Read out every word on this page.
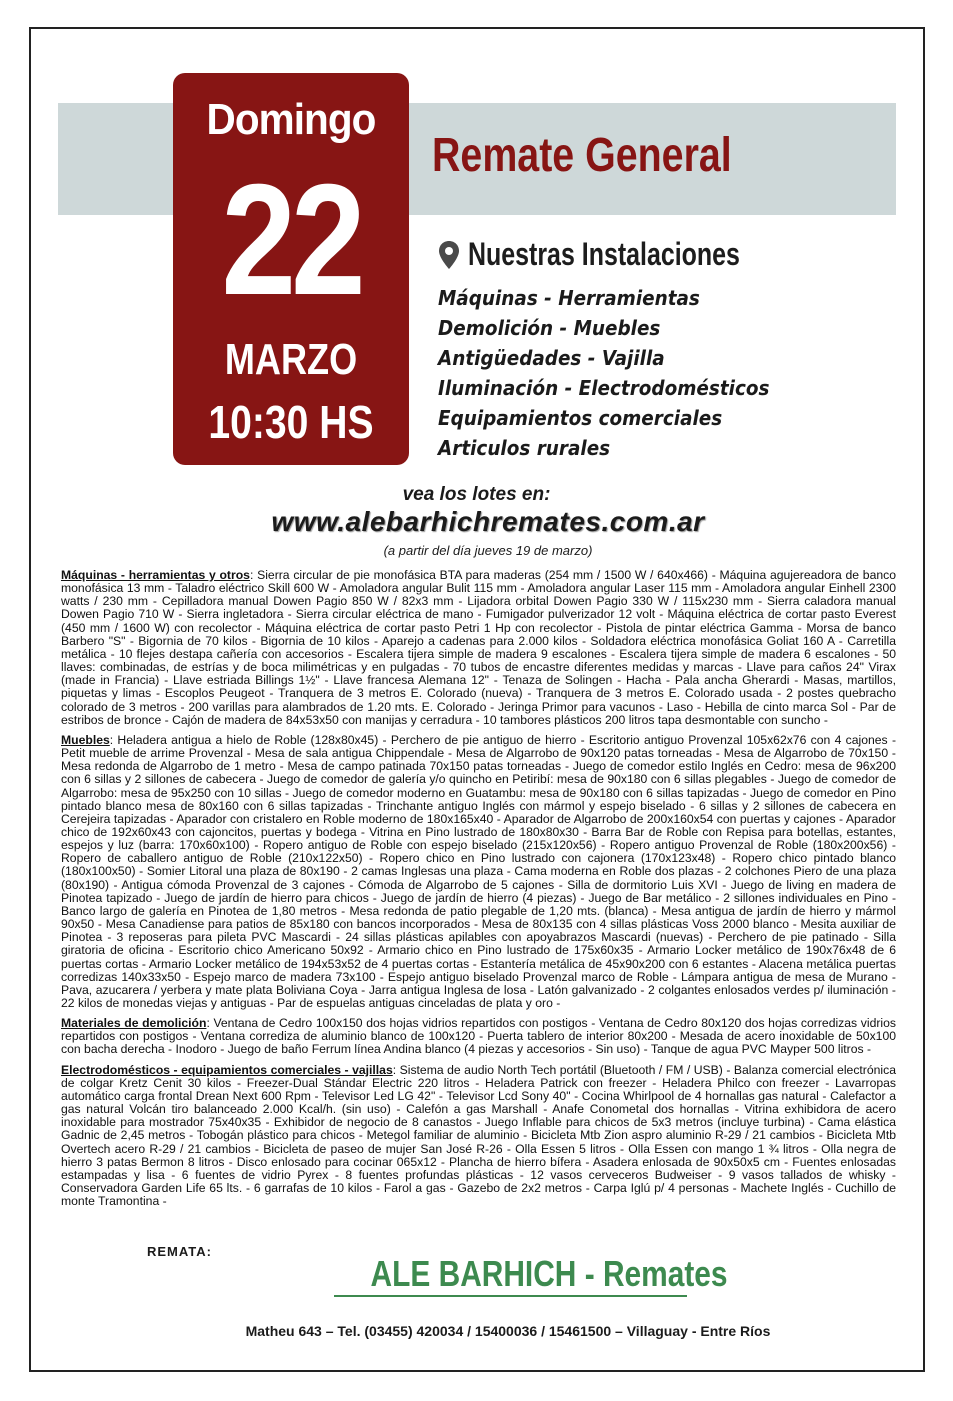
Domingo
22
MARZO
10:30 HS
Remate General
Nuestras Instalaciones
Máquinas - Herramientas
Demolición - Muebles
Antigüedades - Vajilla
Iluminación - Electrodomésticos
Equipamientos comerciales
Articulos rurales
vea los lotes en:
www.alebarhichremates.com.ar
(a partir del día jueves 19 de marzo)

Máquinas - herramientas y otros: Sierra circular de pie monofásica BTA para maderas (254 mm / 1500 W / 640x466) - Máquina agujereadora de banco monofásica 13 mm - Taladro eléctrico Skill 600 W - Amoladora angular Bulit 115 mm - Amoladora angular Laser 115 mm - Amoladora angular Einhell 2300 watts / 230 mm - Cepilladora manual Dowen Pagio 850 W / 82x3 mm - Lijadora orbital Dowen Pagio 330 W / 115x230 mm - Sierra caladora manual Dowen Pagio 710 W - Sierra ingletadora - Sierra circular eléctrica de mano - Fumigador pulverizador 12 volt - Máquina eléctrica de cortar pasto Everest (450 mm / 1600 W) con recolector - Máquina eléctrica de cortar pasto Petri 1 Hp con recolector - Pistola de pintar eléctrica Gamma - Morsa de banco Barbero "S" - Bigornia de 70 kilos - Bigornia de 10 kilos - Aparejo a cadenas para 2.000 kilos - Soldadora eléctrica monofásica Goliat 160 A - Carretilla metálica - 10 flejes destapa cañería con accesorios - Escalera tijera simple de madera 9 escalones - Escalera tijera simple de madera 6 escalones - 50 llaves: combinadas, de estrías y de boca milimétricas y en pulgadas - 70 tubos de encastre diferentes medidas y marcas - Llave para caños 24" Virax (made in Francia) - Llave estriada Billings 1½" - Llave francesa Alemana 12" - Tenaza de Solingen - Hacha - Pala ancha Gherardi - Masas, martillos, piquetas y limas - Escoplos Peugeot - Tranquera de 3 metros E. Colorado (nueva) - Tranquera de 3 metros E. Colorado usada - 2 postes quebracho colorado de 3 metros - 200 varillas para alambrados de 1.20 mts. E. Colorado - Jeringa Primor para vacunos - Laso - Hebilla de cinto marca Sol - Par de estribos de bronce - Cajón de madera de 84x53x50 con manijas y cerradura - 10 tambores plásticos 200 litros tapa desmontable con suncho -

Muebles: Heladera antigua a hielo de Roble (128x80x45) - Perchero de pie antiguo de hierro - Escritorio antiguo Provenzal 105x62x76 con 4 cajones - Petit mueble de arrime Provenzal - Mesa de sala antigua Chippendale - Mesa de Algarrobo de 90x120 patas torneadas - Mesa de Algarrobo de 70x150 - Mesa redonda de Algarrobo de 1 metro - Mesa de campo patinada 70x150 patas torneadas - Juego de comedor estilo Inglés en Cedro: mesa de 96x200 con 6 sillas y 2 sillones de cabecera - Juego de comedor de galería y/o quincho en Petiribí: mesa de 90x180 con 6 sillas plegables - Juego de comedor de Algarrobo: mesa de 95x250 con 10 sillas - Juego de comedor moderno en Guatambu: mesa de 90x180 con 6 sillas tapizadas - Juego de comedor en Pino pintado blanco mesa de 80x160 con 6 sillas tapizadas - Trinchante antiguo Inglés con mármol y espejo biselado - 6 sillas y 2 sillones de cabecera en Cerejeira tapizadas - Aparador con cristalero en Roble moderno de 180x165x40 - Aparador de Algarrobo de 200x160x54 con puertas y cajones - Aparador chico de 192x60x43 con cajoncitos, puertas y bodega - Vitrina en Pino lustrado de 180x80x30 - Barra Bar de Roble con Repisa para botellas, estantes, espejos y luz (barra: 170x60x100) - Ropero antiguo de Roble con espejo biselado (215x120x56) - Ropero antiguo Provenzal de Roble (180x200x56) - Ropero de caballero antiguo de Roble (210x122x50) - Ropero chico en Pino lustrado con cajonera (170x123x48) - Ropero chico pintado blanco (180x100x50) - Somier Litoral una plaza de 80x190 - 2 camas Inglesas una plaza - Cama moderna en Roble dos plazas - 2 colchones Piero de una plaza (80x190) - Antigua cómoda Provenzal de 3 cajones - Cómoda de Algarrobo de 5 cajones - Silla de dormitorio Luis XVI - Juego de living en madera de Pinotea tapizado - Juego de jardín de hierro para chicos - Juego de jardín de hierro (4 piezas) - Juego de Bar metálico - 2 sillones individuales en Pino - Banco largo de galería en Pinotea de 1,80 metros - Mesa redonda de patio plegable de 1,20 mts. (blanca) - Mesa antigua de jardín de hierro y mármol 90x50 - Mesa Canadiense para patios de 85x180 con bancos incorporados - Mesa de 80x135 con 4 sillas plásticas Voss 2000 blanco - Mesita auxiliar de Pinotea - 3 reposeras para pileta PVC Mascardi - 24 sillas plásticas apilables con apoyabrazos Mascardi (nuevas) - Perchero de pie patinado - Silla giratoria de oficina - Escritorio chico Americano 50x92 - Armario chico en Pino lustrado de 175x60x35 - Armario Locker metálico de 190x76x48 de 6 puertas cortas - Armario Locker metálico de 194x53x52 de 4 puertas cortas - Estantería metálica de 45x90x200 con 6 estantes - Alacena metálica puertas corredizas 140x33x50 - Espejo marco de madera 73x100 - Espejo antiguo biselado Provenzal marco de Roble - Lámpara antigua de mesa de Murano - Pava, azucarera / yerbera y mate plata Boliviana Coya - Jarra antigua Inglesa de losa - Latón galvanizado - 2 colgantes enlosados verdes p/ iluminación - 22 kilos de monedas viejas y antiguas - Par de espuelas antiguas cinceladas de plata y oro -

Materiales de demolición: Ventana de Cedro 100x150 dos hojas vidrios repartidos con postigos - Ventana de Cedro 80x120 dos hojas corredizas vidrios repartidos con postigos - Ventana corrediza de aluminio blanco de 100x120 - Puerta tablero de interior 80x200 - Mesada de acero inoxidable de 50x100 con bacha derecha - Inodoro - Juego de baño Ferrum línea Andina blanco (4 piezas y accesorios - Sin uso) - Tanque de agua PVC Mayper 500 litros -

Electrodomésticos - equipamientos comerciales - vajillas: Sistema de audio North Tech portátil (Bluetooth / FM / USB) - Balanza comercial electrónica de colgar Kretz Cenit 30 kilos - Freezer-Dual Stándar Electric 220 litros - Heladera Patrick con freezer - Heladera Philco con freezer - Lavarropas automático carga frontal Drean Next 600 Rpm - Televisor Led LG 42" - Televisor Lcd Sony 40" - Cocina Whirlpool de 4 hornallas gas natural - Calefactor a gas natural Volcán tiro balanceado 2.000 Kcal/h. (sin uso) - Calefón a gas Marshall - Anafe Conometal dos hornallas - Vitrina exhibidora de acero inoxidable para mostrador 75x40x35 - Exhibidor de negocio de 8 canastos - Juego Inflable para chicos de 5x3 metros (incluye turbina) - Cama elástica Gadnic de 2,45 metros - Tobogán plástico para chicos - Metegol familiar de aluminio - Bicicleta Mtb Zion aspro aluminio R-29 / 21 cambios - Bicicleta Mtb Overtech acero R-29 / 21 cambios - Bicicleta de paseo de mujer San José R-26 - Olla Essen 5 litros - Olla Essen con mango 1 ¾ litros - Olla negra de hierro 3 patas Bermon 8 litros - Disco enlosado para cocinar 065x12 - Plancha de hierro bífera - Asadera enlosada de 90x50x5 cm - Fuentes enlosadas estampadas y lisa - 6 fuentes de vidrio Pyrex - 8 fuentes profundas plásticas - 12 vasos cerveceros Budweiser - 9 vasos tallados de whisky - Conservadora Garden Life 65 lts. - 6 garrafas de 10 kilos - Farol a gas - Gazebo de 2x2 metros - Carpa Iglú p/ 4 personas - Machete Inglés - Cuchillo de monte Tramontina -

REMATA:
ALE BARHICH - Remates
Matheu 643 – Tel. (03455) 420034 / 15400036 / 15461500 – Villaguay - Entre Ríos
